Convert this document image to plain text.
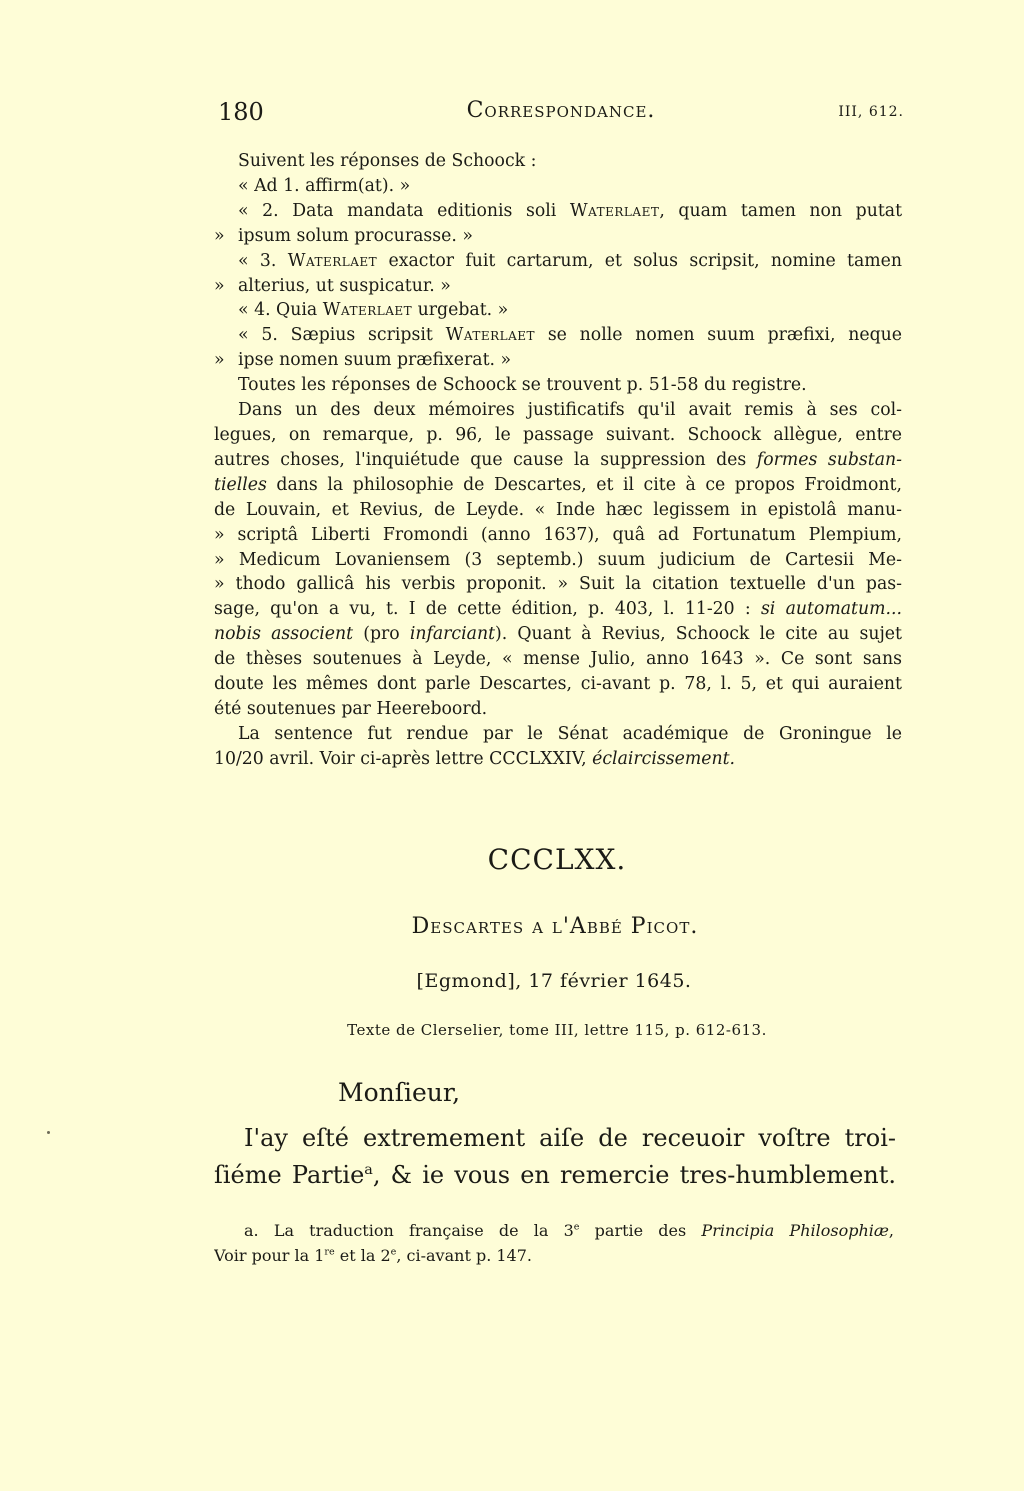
180	Correspondance.	III, 612.
Suivent les réponses de Schoock :
« Ad 1. affirm(at). »
« 2. Data mandata editionis soli Waterlaet, quam tamen non putat
» ipsum solum procurasse. »
« 3. Waterlaet exactor fuit cartarum, et solus scripsit, nomine tamen
» alterius, ut suspicatur. »
« 4. Quia Waterlaet urgebat. »
« 5. Sæpius scripsit Waterlaet se nolle nomen suum præfixi, neque
» ipse nomen suum præfixerat. »
Toutes les réponses de Schoock se trouvent p. 51-58 du registre.
Dans un des deux mémoires justificatifs qu'il avait remis à ses col-
legues, on remarque, p. 96, le passage suivant. Schoock allègue, entre
autres choses, l'inquiétude que cause la suppression des formes substan-
tielles dans la philosophie de Descartes, et il cite à ce propos Froidmont,
de Louvain, et Revius, de Leyde. « Inde hæc legissem in epistolâ manu-
» scriptâ Liberti Fromondi (anno 1637), quâ ad Fortunatum Plempium,
» Medicum Lovaniensem (3 septemb.) suum judicium de Cartesii Me-
» thodo gallicâ his verbis proponit. » Suit la citation textuelle d'un pas-
sage, qu'on a vu, t. I de cette édition, p. 403, l. 11-20 : si automatum...
nobis associent (pro infarciant). Quant à Revius, Schoock le cite au sujet
de thèses soutenues à Leyde, « mense Julio, anno 1643 ». Ce sont sans
doute les mêmes dont parle Descartes, ci-avant p. 78, l. 5, et qui auraient
été soutenues par Heereboord.
La sentence fut rendue par le Sénat académique de Groningue le
10/20 avril. Voir ci-après lettre CCCLXXIV, éclaircissement.
CCCLXX.
Descartes a l'Abbé Picot.
[Egmond], 17 février 1645.
Texte de Clerselier, tome III, lettre 115, p. 612-613.
Monſieur,
I'ay eſté extremement aiſe de receuoir voſtre troi-
ſiéme Partie$^a$, & ie vous en remercie tres-humblement.
a. La traduction française de la 3e partie des Principia Philosophiæ,
Voir pour la 1re et la 2e, ci-avant p. 147.
